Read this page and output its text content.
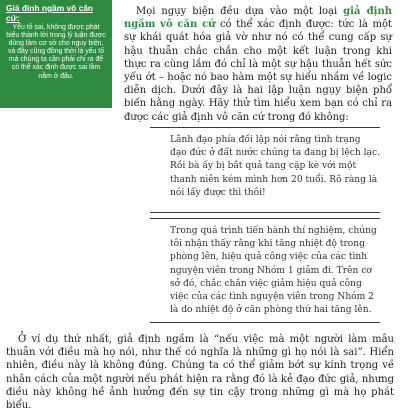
Giả định ngầm vô căn cứ:
Yếu tố sai, không được phát biểu thành lời trong lý luận được dùng làm cơ sở cho nguy biện, và đây cũng đồng thời là yếu tố mà chúng ta cần phải chỉ ra để có thể xác định được sai lầm nằm ở đâu.

Mọi ngụy biện đều dựa vào một loại giả định ngầm vô căn cứ có thể xác định được: tức là một sự khái quát hóa giả vờ như nó có thể cung cấp sự hậu thuẫn chắc chắn cho một kết luận trong khi thực ra cùng lắm đó chỉ là một sự hậu thuẫn hết sức yếu ớt – hoặc nó bao hàm một sự hiểu nhầm về logic diễn dịch. Dưới đây là hai lập luận ngụy biện phổ biến hằng ngày. Hãy thử tìm hiểu xem bạn có chỉ ra được các giả định vô căn cứ trong đó không:

Lãnh đạo phía đối lập nói rằng tình trạng đạo đức ở đất nước chúng ta đang bị lệch lạc. Rồi bà ấy bị bắt quả tang cặp kè với một thanh niên kém mình hơn 20 tuổi. Rõ ràng là nói lấy được thì thôi!

Trong quá trình tiến hành thí nghiệm, chúng tôi nhận thấy rằng khi tăng nhiệt độ trong phòng lên, hiệu quả công việc của các tình nguyện viên trong Nhóm 1 giảm đi. Trên cơ sở đó, chắc chắn việc giảm hiệu quả công việc của các tình nguyện viên trong Nhóm 2 là do nhiệt độ ở căn phòng thứ hai tăng lên.

Ở ví dụ thứ nhất, giả định ngầm là “nếu việc mà một người làm mâu thuẫn với điều mà họ nói, như thế có nghĩa là những gì họ nói là sai”. Hiển nhiên, điều này là không đúng. Chúng ta có thể giảm bớt sự kính trọng về nhân cách của một người nếu phát hiện ra rằng đó là kẻ đạo đức giả, nhưng điều này không hề ảnh hưởng đến sự tin cậy trong những gì mà họ phát biểu.
